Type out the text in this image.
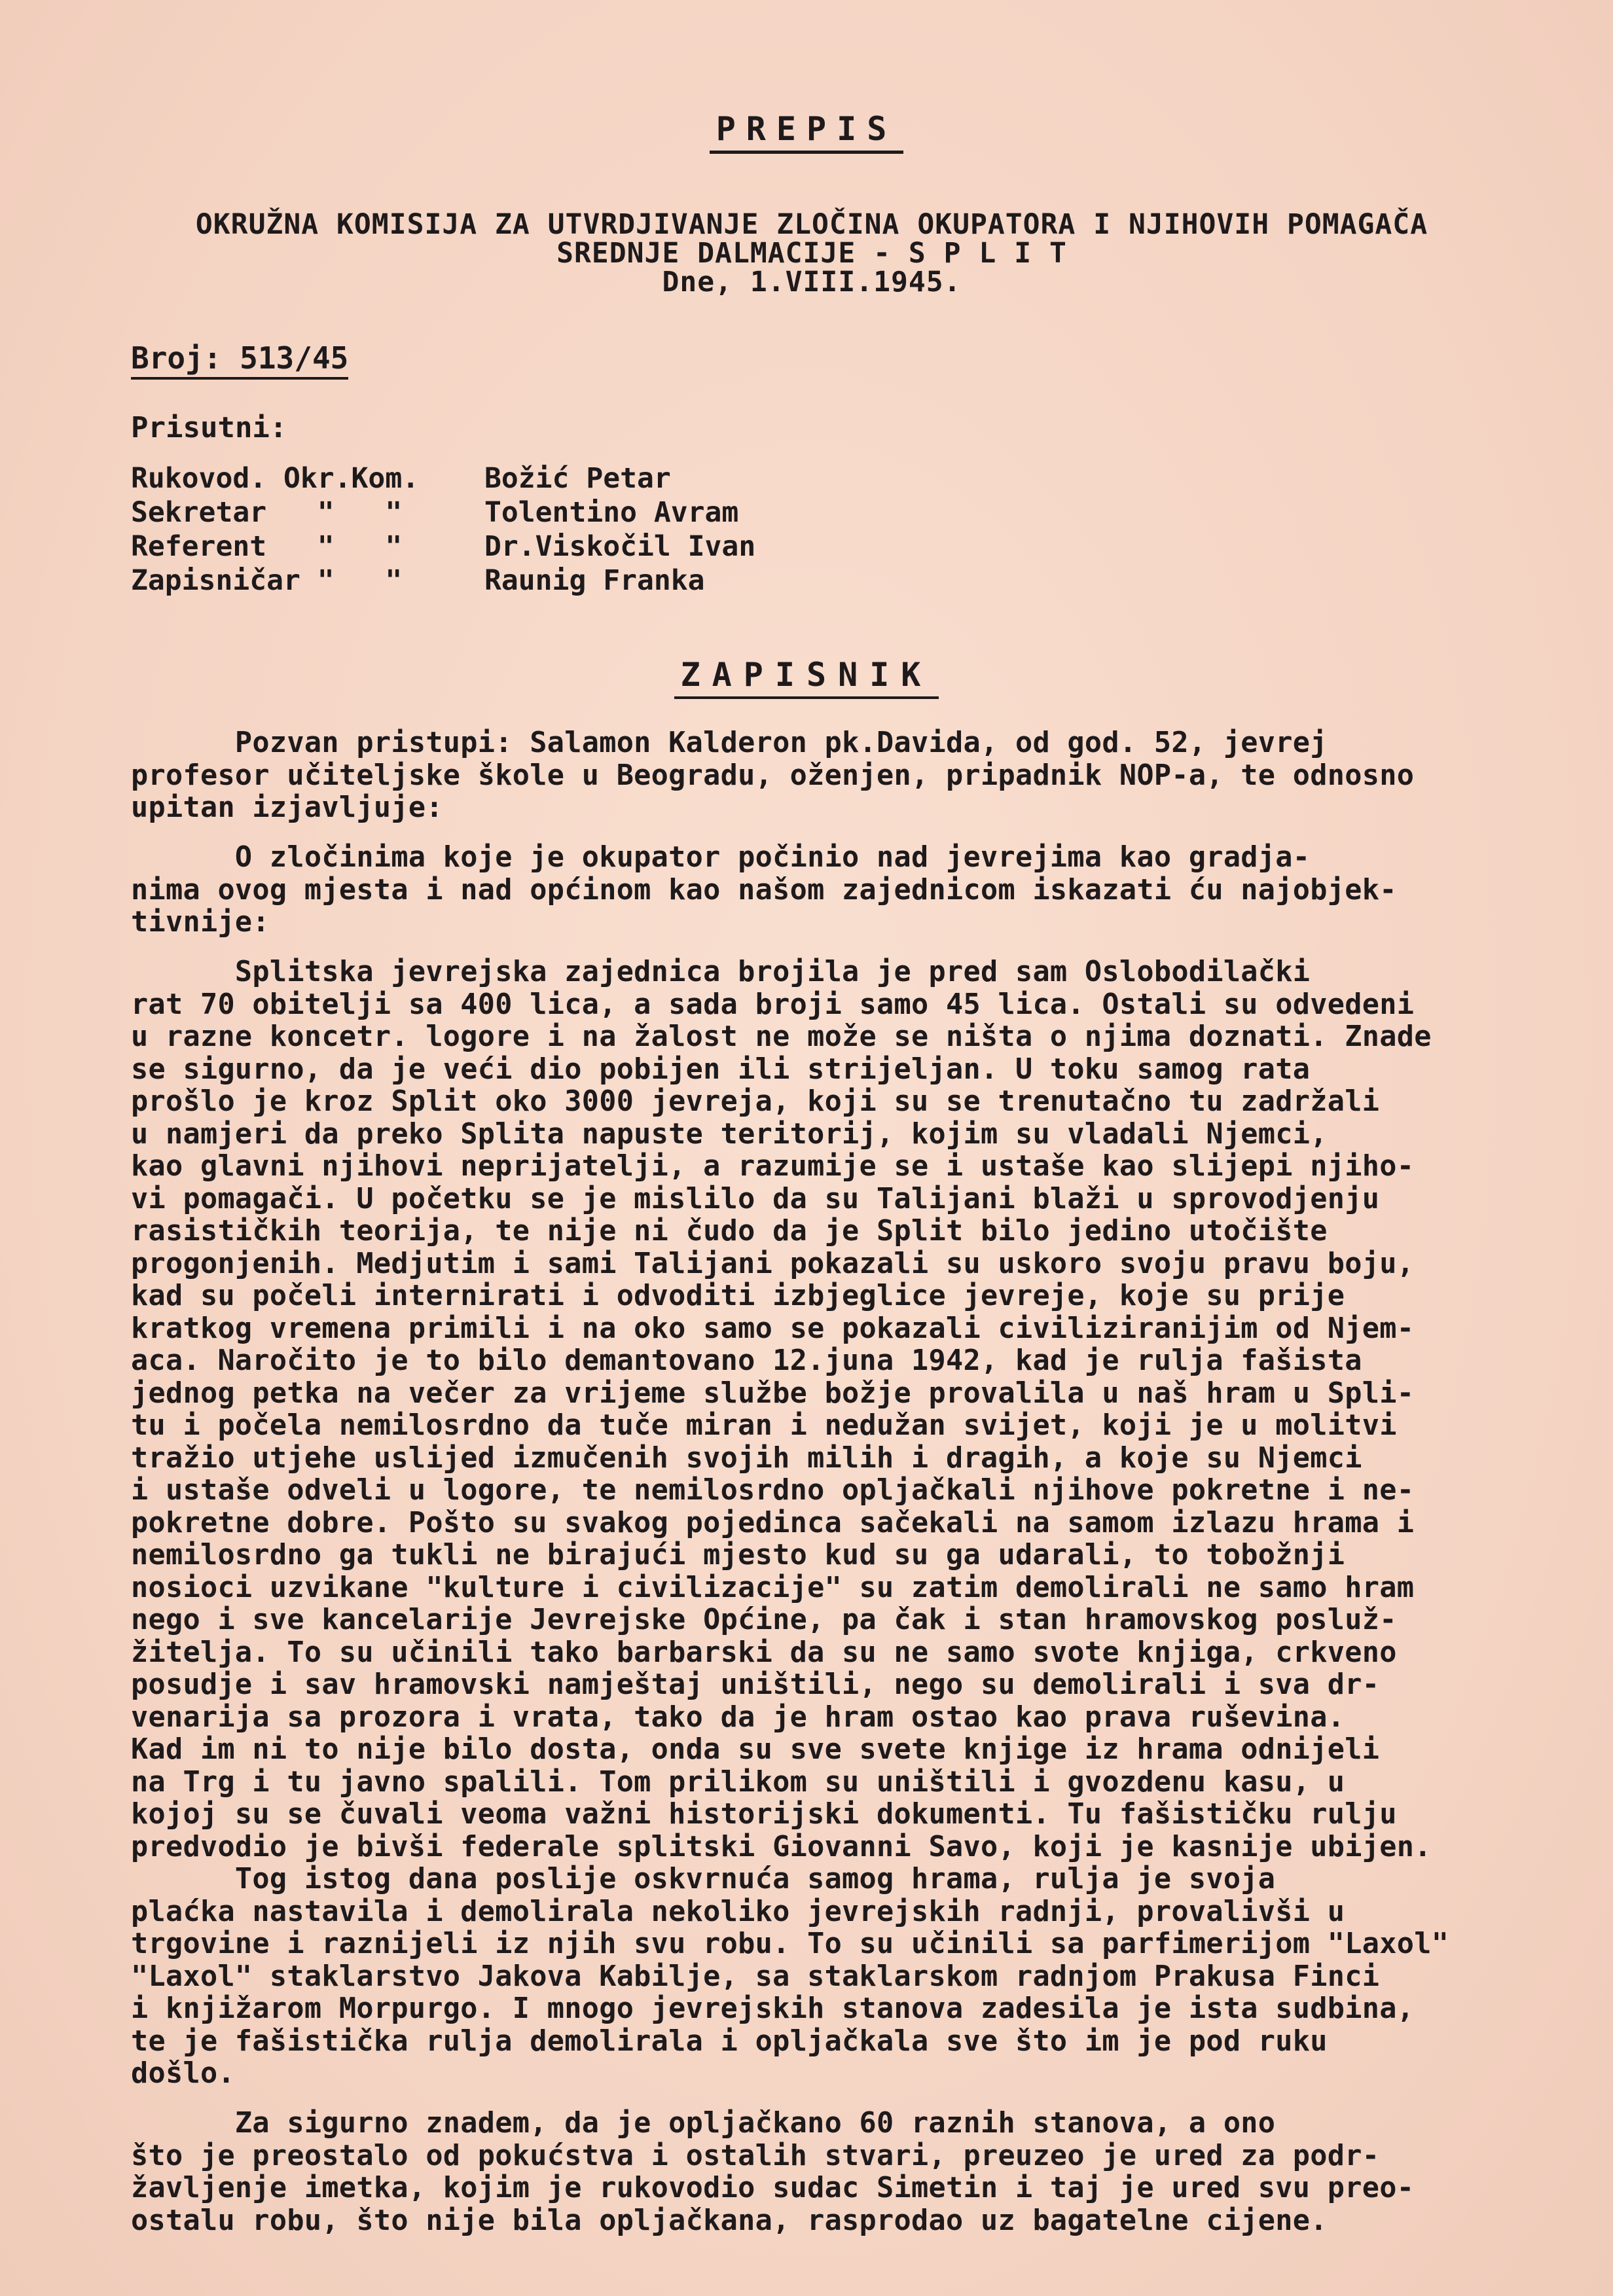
PREPIS
OKRUŽNA KOMISIJA ZA UTVRDJIVANJE ZLOČINA OKUPATORA I NJIHOVIH POMAGAČA
SREDNJE DALMACIJE - S P L I T
Dne, 1.VIII.1945.
Broj: 513/45
Prisutni:
Rukovod. Okr.Kom. Božić Petar
Sekretar   "   "	Tolentino Avram
Referent   "   "	Dr.Viskočil Ivan
Zapisničar "   "	Raunig Franka
ZAPISNIK
Pozvan pristupi: Salamon Kalderon pk.Davida, od god. 52, jevrej
profesor učiteljske škole u Beogradu, oženjen, pripadnik NOP-a, te odnosno
upitan izjavljuje:
O zločinima koje je okupator počinio nad jevrejima kao gradja-
nima ovog mjesta i nad općinom kao našom zajednicom iskazati ću najobjek-
tivnije:
Splitska jevrejska zajednica brojila je pred sam Oslobodilački
rat 70 obitelji sa 400 lica, a sada broji samo 45 lica. Ostali su odvedeni
u razne koncetr. logore i na žalost ne može se ništa o njima doznati. Znade
se sigurno, da je veći dio pobijen ili strijeljan. U toku samog rata
prošlo je kroz Split oko 3000 jevreja, koji su se trenutačno tu zadržali
u namjeri da preko Splita napuste teritorij, kojim su vladali Njemci,
kao glavni njihovi neprijatelji, a razumije se i ustaše kao slijepi njiho-
vi pomagači. U početku se je mislilo da su Talijani blaži u sprovodjenju
rasističkih teorija, te nije ni čudo da je Split bilo jedino utočište
progonjenih. Medjutim i sami Talijani pokazali su uskoro svoju pravu boju,
kad su počeli internirati i odvoditi izbjeglice jevreje, koje su prije
kratkog vremena primili i na oko samo se pokazali civiliziranijim od Njem-
aca. Naročito je to bilo demantovano 12.juna 1942, kad je rulja fašista
jednog petka na večer za vrijeme službe božje provalila u naš hram u Spli-
tu i počela nemilosrdno da tuče miran i nedužan svijet, koji je u molitvi
tražio utjehe uslijed izmučenih svojih milih i dragih, a koje su Njemci
i ustaše odveli u logore, te nemilosrdno opljačkali njihove pokretne i ne-
pokretne dobre. Pošto su svakog pojedinca sačekali na samom izlazu hrama i
nemilosrdno ga tukli ne birajući mjesto kud su ga udarali, to tobožnji
nosioci uzvikane "kulture i civilizacije" su zatim demolirali ne samo hram
nego i sve kancelarije Jevrejske Općine, pa čak i stan hramovskog posluž-
žitelja. To su učinili tako barbarski da su ne samo svote knjiga, crkveno
posudje i sav hramovski namještaj uništili, nego su demolirali i sva dr-
venarija sa prozora i vrata, tako da je hram ostao kao prava ruševina.
Kad im ni to nije bilo dosta, onda su sve svete knjige iz hrama odnijeli
na Trg i tu javno spalili. Tom prilikom su uništili i gvozdenu kasu, u
kojoj su se čuvali veoma važni historijski dokumenti. Tu fašističku rulju
predvodio je bivši federale splitski Giovanni Savo, koji je kasnije ubijen.
Tog istog dana poslije oskvrnuća samog hrama, rulja je svoja
plaćka nastavila i demolirala nekoliko jevrejskih radnji, provalivši u
trgovine i raznijeli iz njih svu robu. To su učinili sa parfimerijom "Laxol"
"Laxol" staklarstvo Jakova Kabilje, sa staklarskom radnjom Prakusa Finci
i knjižarom Morpurgo. I mnogo jevrejskih stanova zadesila je ista sudbina,
te je fašistička rulja demolirala i opljačkala sve što im je pod ruku
došlo.
Za sigurno znadem, da je opljačkano 60 raznih stanova, a ono
što je preostalo od pokućstva i ostalih stvari, preuzeo je ured za podr-
žavljenje imetka, kojim je rukovodio sudac Simetin i taj je ured svu preo-
ostalu robu, što nije bila opljačkana, rasprodao uz bagatelne cijene.
